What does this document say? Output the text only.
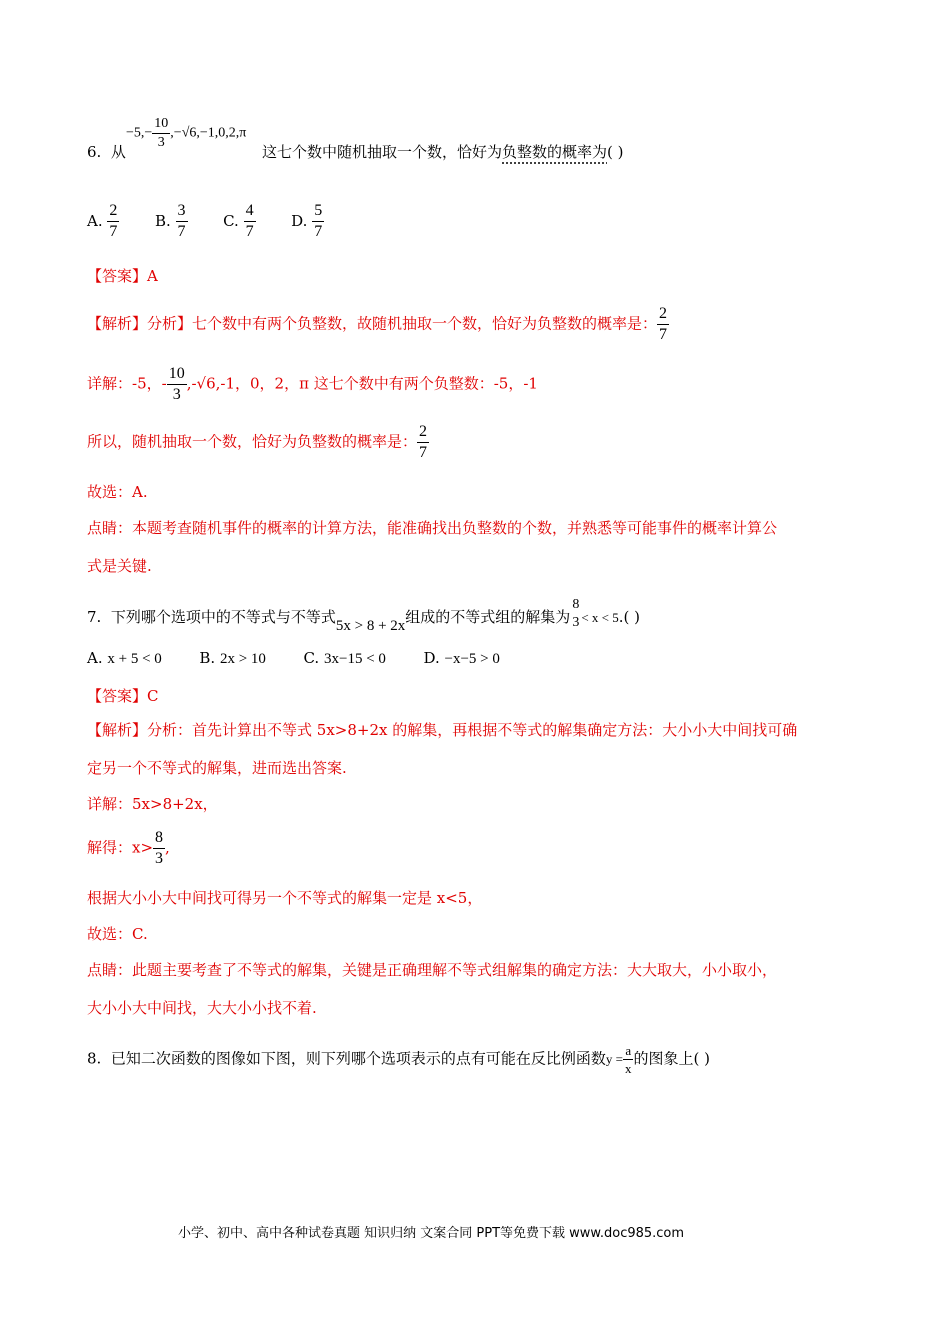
6. 从
$-5,- \frac{10}{3} ,-√6,-1,0,2,\pi$
这七个数中随机抽取一个数，恰好为负整数的概率为( )
A. $\frac{2}{7} B$. $\frac{3}{7} C$. $\frac{4}{7} D$. $\frac{5}{7}$
【答案】A
【解析】分析】七个数中有两个负整数，故随机抽取一个数，恰好为负整数的概率是： $\frac{2}{7}$
详解：-5，- $\frac{10}{3} ,-√6,-1$，0，2，π 这七个数中有两个负整数：-5，-1
所以，随机抽取一个数，恰好为负整数的概率是： $\frac{2}{7}$
故选：A.
点睛：本题考查随机事件的概率的计算方法，能准确找出负整数的个数，并熟悉等可能事件的概率计算公
式是关键.
7. 下列哪个选项中的不等式与不等式5x > 8 + 2x组成的不等式组的解集为
8
3 < x < 5.( )
A. x + 5 < 0	B. 2x > 10	C. 3x−15 < 0	D. −x−5 > 0
【答案】C
【解析】分析：首先计算出不等式 5x>8+2x 的解集，再根据不等式的解集确定方法：大小小大中间找可确
定另一个不等式的解集，进而选出答案.
详解：5x>8+2x，
解得：$x> \frac{8}{3}$ ,
根据大小小大中间找可得另一个不等式的解集一定是 x<5，
故选：C.
点睛：此题主要考查了不等式的解集，关键是正确理解不等式组解集的确定方法：大大取大，小小取小，
大小小大中间找，大大小小找不着.
8. 已知二次函数的图像如下图，则下列哪个选项表示的点有可能在反比例函数$y = \frac{a}{x}$ 的图象上( )
小学、初中、高中各种试卷真题 知识归纳 文案合同 PPT等免费下载 www.doc985.com
